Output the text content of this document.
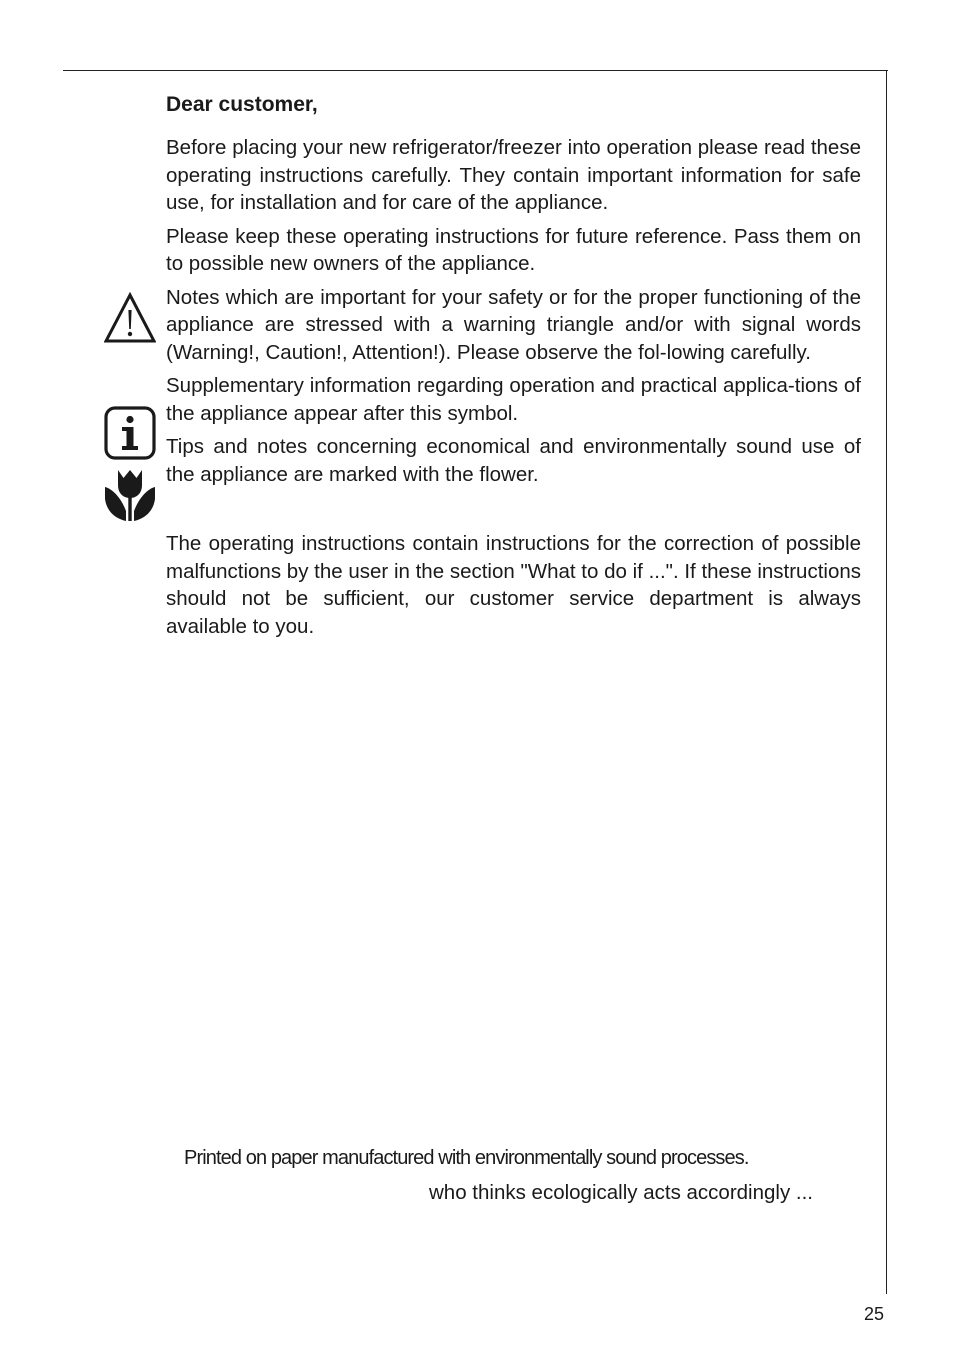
Dear customer,

Before placing your new refrigerator/freezer into operation please read these operating instructions carefully. They contain important information for safe use, for installation and for care of the appliance.

Please keep these operating instructions for future reference. Pass them on to possible new owners of the appliance.

Notes which are important for your safety or for the proper functioning of the appliance are stressed with a warning triangle and/or with signal words (Warning!, Caution!, Attention!). Please observe the fol-lowing carefully.

Supplementary information regarding operation and practical applica-tions of the appliance appear after this symbol.

Tips and notes concerning economical and environmentally sound use of the appliance are marked with the flower.

The operating instructions contain instructions for the correction of possible malfunctions by the user in the section "What to do if ...". If these instructions should not be sufficient, our customer service department is always available to you.

Printed on paper manufactured with environmentally sound processes.
who thinks ecologically acts accordingly ...
25
